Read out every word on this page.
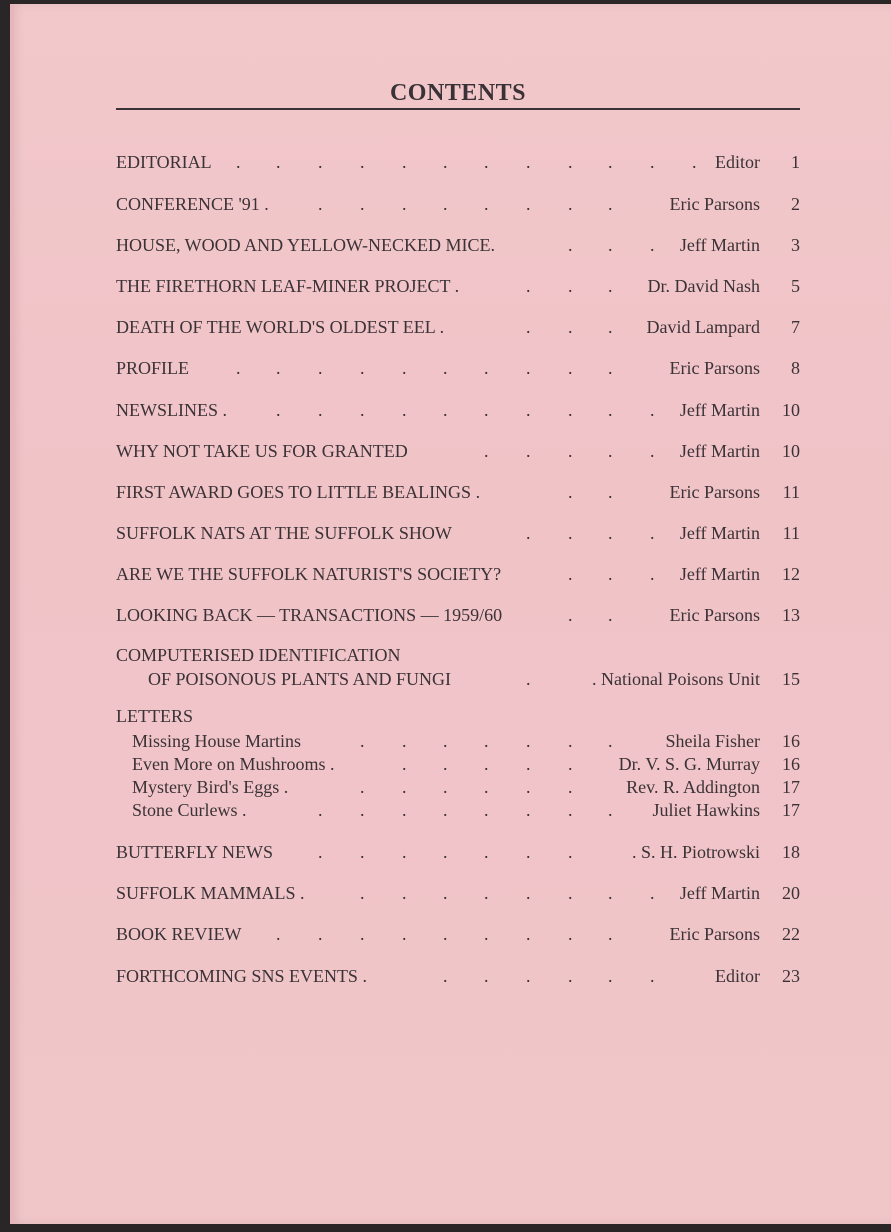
CONTENTS
EDITORIAL	Editor 1
. . . . . . . . . . . .
CONFERENCE '91 .	Eric Parsons 2
. . . . . . . .
HOUSE, WOOD AND YELLOW-NECKED MICE.	Jeff Martin 3
. . .
THE FIRETHORN LEAF-MINER PROJECT .	Dr. David Nash 5
. . .
DEATH OF THE WORLD'S OLDEST EEL .	David Lampard 7
. . .
PROFILE	Eric Parsons 8
. . . . . . . . . .
NEWSLINES .	Jeff Martin 10
. . . . . . . . . .
WHY NOT TAKE US FOR GRANTED	Jeff Martin 10
. . . . .
FIRST AWARD GOES TO LITTLE BEALINGS .	Eric Parsons 11
. .
SUFFOLK NATS AT THE SUFFOLK SHOW	Jeff Martin 11
. . . .
ARE WE THE SUFFOLK NATURIST'S SOCIETY?	Jeff Martin 12
. . .
LOOKING BACK — TRANSACTIONS — 1959/60	Eric Parsons 13
. .
COMPUTERISED IDENTIFICATION
OF POISONOUS PLANTS AND FUNGI	. National Poisons Unit 15
.
LETTERS
Missing House Martins	Sheila Fisher 16
. . . . . . .
Even More on Mushrooms .	Dr. V. S. G. Murray 16
. . . . .
Mystery Bird's Eggs .	Rev. R. Addington 17
. . . . . .
Stone Curlews .	Juliet Hawkins 17
. . . . . . . .
BUTTERFLY NEWS	. S. H. Piotrowski 18
. . . . . . .
SUFFOLK MAMMALS .	Jeff Martin 20
. . . . . . . .
BOOK REVIEW	Eric Parsons 22
. . . . . . . . .
FORTHCOMING SNS EVENTS .	Editor 23
. . . . . .
